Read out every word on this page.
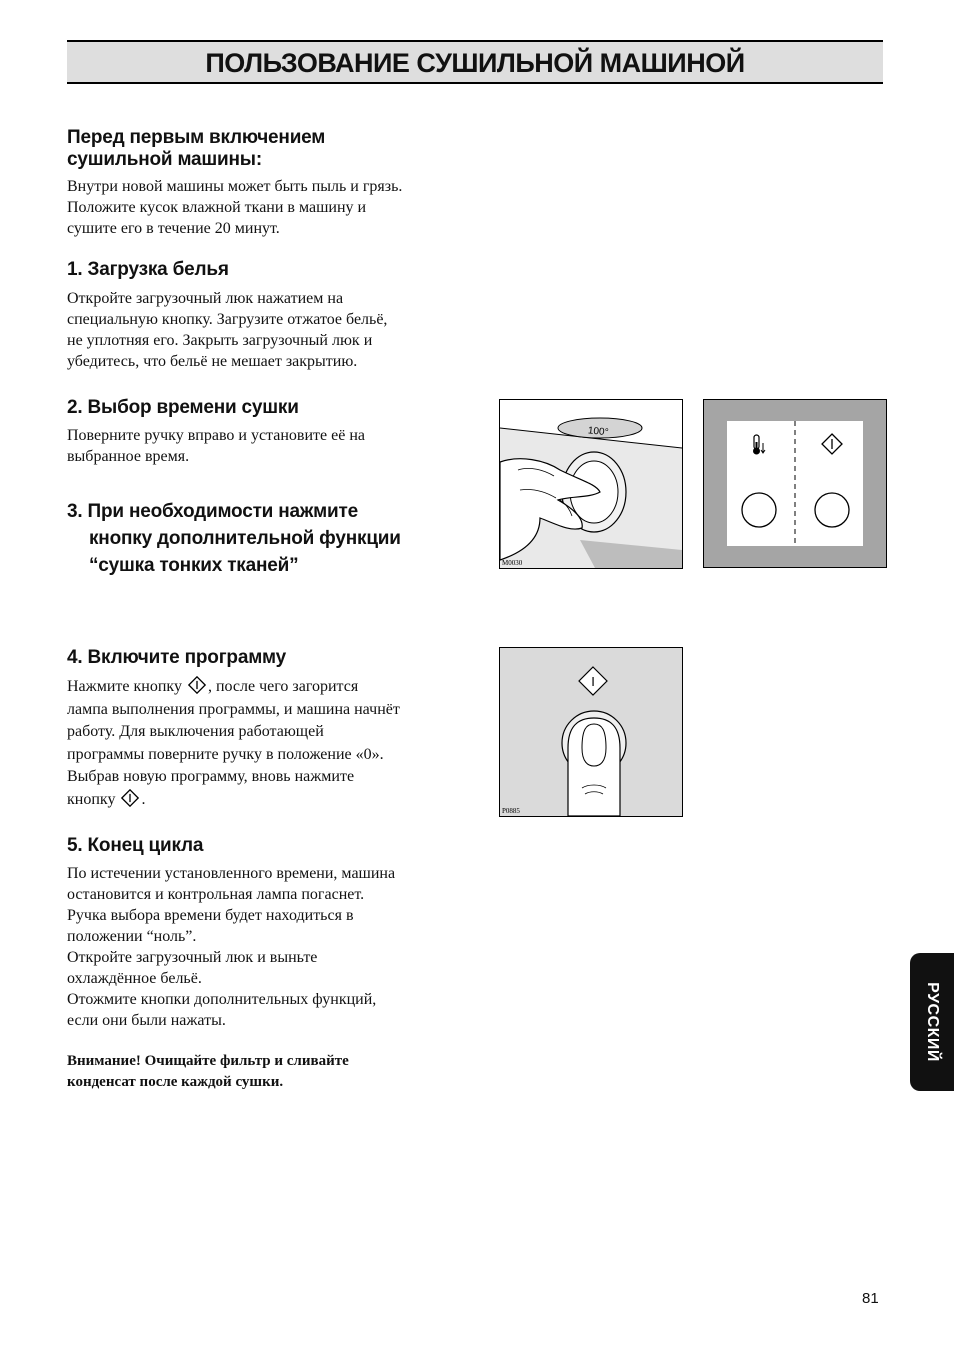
ПОЛЬЗОВАНИЕ СУШИЛЬНОЙ МАШИНОЙ
Перед первым включением
сушильной машины:
Внутри новой машины может быть пыль и грязь.
Положите кусок влажной ткани в машину и
сушите его в течение 20 минут.
1. Загрузка белья
Откройте загрузочный люк нажатием на
специальную кнопку. Загрузите отжатое бельё,
не уплотняя его. Закрыть загрузочный люк и
убедитесь, что бельё не мешает закрытию.
2. Выбор времени сушки
Поверните ручку вправо и установите её на
выбранное время.
3. При необходимости нажмите
кнопку дополнительной функции
“сушка тонких тканей”
4. Включите программу
Нажмите кнопку , после чего загорится
лампа выполнения программы, и машина начнёт
работу. Для выключения работающей
программы поверните ручку в положение «0».
Выбрав новую программу, вновь нажмите
кнопку .
5. Конец цикла
По истечении установленного времени, машина
остановится и контрольная лампа погаснет.
Ручка выбора времени будет находиться в
положении “ноль”.
Откройте загрузочный люк и выньте
охлаждённое бельё.
Отожмите кнопки дополнительных функций,
если они были нажаты.
Внимание! Очищайте фильтр и сливайте
конденсат после каждой сушки.
100°
M0030
I
P0885
РУССКИЙ
81
